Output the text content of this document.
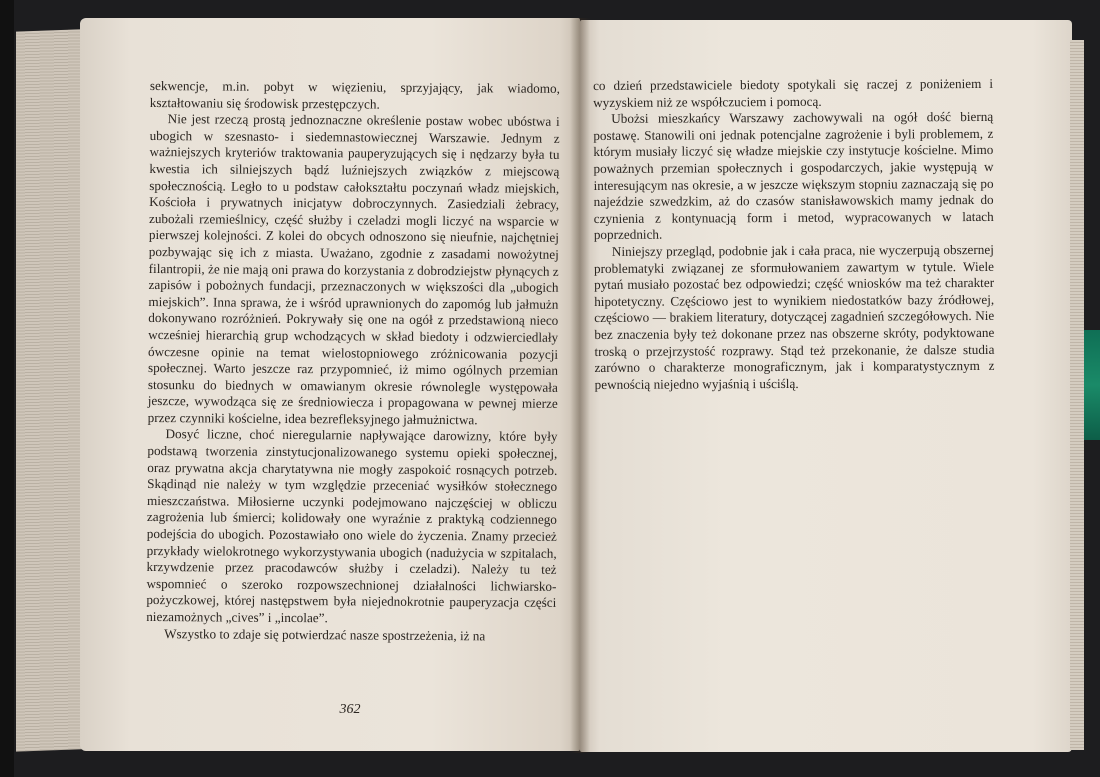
sekwencje, m.in. pobyt w więzieniu, sprzyjający, jak wiadomo, kształtowaniu się środowisk przestępczych.

Nie jest rzeczą prostą jednoznaczne określenie postaw wobec ubóstwa i ubogich w szesnasto- i siedemnastowiecznej Warszawie. Jednym z ważniejszych kryteriów traktowania pauperyzujących się i nędzarzy była tu kwestia ich silniejszych bądź luźniejszych związków z miejscową społecznością. Legło to u podstaw całokształtu poczynań władz miejskich, Kościoła i prywatnych inicjatyw dobroczynnych. Zasiedziali żebracy, zubożali rzemieślnicy, część służby i czeladzi mogli liczyć na wsparcie w pierwszej kolejności. Z kolei do obcych odnoszono się nieufnie, najchętniej pozbywając się ich z miasta. Uważano, zgodnie z zasadami nowożytnej filantropii, że nie mają oni prawa do korzystania z dobrodziejstw płynących z zapisów i pobożnych fundacji, przeznaczonych w większości dla „ubogich miejskich”. Inna sprawa, że i wśród uprawnionych do zapomóg lub jałmużn dokonywano rozróżnień. Pokrywały się one na ogół z przedstawioną nieco wcześniej hierarchią grup wchodzących w skład biedoty i odzwierciedlały ówczesne opinie na temat wielostopniowego zróżnicowania pozycji społecznej. Warto jeszcze raz przypomnieć, iż mimo ogólnych przemian stosunku do biednych w omawianym okresie równolegle występowała jeszcze, wywodząca się ze średniowiecza i propagowana w pewnej mierze przez czynniki kościelne, idea bezrefleksyjnego jałmużnictwa.

Dosyć liczne, choć nieregularnie napływające darowizny, które były podstawą tworzenia zinstytucjonalizowanego systemu opieki społecznej, oraz prywatna akcja charytatywna nie mogły zaspokoić rosnących potrzeb. Skądinąd nie należy w tym względzie przeceniać wysiłków stołecznego mieszczaństwa. Miłosierne uczynki podejmowano najczęściej w obliczu zagrożenia lub śmierci; kolidowały one wyraźnie z praktyką codziennego podejścia do ubogich. Pozostawiało ono wiele do życzenia. Znamy przecież przykłady wielokrotnego wykorzystywania ubogich (nadużycia w szpitalach, krzywdzenie przez pracodawców służby i czeladzi). Należy tu też wspomnieć o szeroko rozpowszechnionej działalności lichwiarsko-pożyczkowej, której następstwem była niejednokrotnie pauperyzacja części niezamożnych „cives” i „incolae”.

Wszystko to zdaje się potwierdzać nasze spostrzeżenia, iż na

362

co dzień przedstawiciele biedoty spotykali się raczej z poniżeniem i wyzyskiem niż ze współczuciem i pomocą.

Ubożsi mieszkańcy Warszawy zachowywali na ogół dość bierną postawę. Stanowili oni jednak potencjalne zagrożenie i byli problemem, z którym musiały liczyć się władze miejskie czy instytucje kościelne. Mimo poważnych przemian społecznych i gospodarczych, jakie występują w interesującym nas okresie, a w jeszcze większym stopniu zaznaczają się po najeździe szwedzkim, aż do czasów stanisławowskich mamy jednak do czynienia z kontynuacją form i metod, wypracowanych w latach poprzednich.

Niniejszy przegląd, podobnie jak i cała praca, nie wyczerpują obszernej problematyki związanej ze sformułowaniem zawartym w tytule. Wiele pytań musiało pozostać bez odpowiedzi; część wniosków ma też charakter hipotetyczny. Częściowo jest to wynikiem niedostatków bazy źródłowej, częściowo — brakiem literatury, dotyczącej zagadnień szczegółowych. Nie bez znaczenia były też dokonane przez nas obszerne skróty, podyktowane troską o przejrzystość rozprawy. Stąd też przekonanie, że dalsze studia zarówno o charakterze monograficznym, jak i komparatystycznym z pewnością niejedno wyjaśnią i uściślą.
